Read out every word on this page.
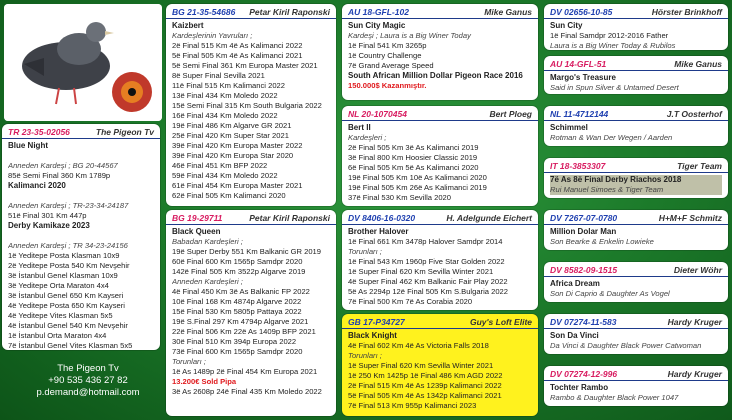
TR 23-35-02056	The Pigeon Tv
Blue Night

Anneden Kardeşi ; BG 20-44567
85ë Semi Final 360 Km 1789p
Kalimanci 2020

Anneden Kardeşi ; TR-23-34-24187
51ë Final 301 Km 447p
Derby Kamikaze 2023

Anneden Kardeşi ; TR 34-23-24156
1ë Yeditepe Posta Klasman 10x9
2ë Yeditepe Posta 540 Km Nevşehir
3ë İstanbul Genel Klasman 10x9
3ë Yeditepe Orta Maraton 4x4
3ë İstanbul Genel 650 Km Kayseri
4ë Yeditepe Posta 650 Km Kayseri
4ë Yeditepe Vites Klasman 5x5
4ë İstanbul Genel 540 Km Nevşehir
1ë İstanbul Orta Maraton 4x4
7ë İstanbul Genel Vites Klasman 5x5
The Pigeon Tv
+90 535 436 27 82
p.demand@hotmail.com
BG 21-35-54686 Petar Kiril Raponski
Kaizbert
Kardeşlerinin Yavruları ;
2ë Final 515 Km 4ë As Kalimanci 2022
5ë Final 505 Km 4ë As Kalimanci 2021
5ë Semi Final 361 Km Europa Master 2021
8ë Super Final Sevilla 2021
11ë Final 515 Km Kalimanci 2022
13ë Final 434 Km Moledo 2022
15ë Semi Final 315 Km South Bulgaria 2022
16ë Final 434 Km Moledo 2022
19ë Final 486 Km Algarve GR 2021
25ë Final 420 Km Super Star 2021
39ë Final 420 Km Europa Master 2022
39ë Final 420 Km Europa Star 2020
46ë Final 451 Km BFP 2022
59ë Final 434 Km Moledo 2022
61ë Final 454 Km Europa Master 2021
62ë Final 505 Km Kalimanci 2020
BG 19-29711	Petar Kiril Raponski
Black Queen
Babadan Kardeşleri ;
19ë Super Derby 551 Km Balkanic GR 2019
60ë Final 600 Km 1565p Samdpr 2020
142ë Final 505 Km 3522p Algarve 2019
Anneden Kardeşleri ;
4ë Final 450 Km 3ë As Balkanic FP 2022
10ë Final 168 Km 4874p Algarve 2022
15ë Final 530 Km 5805p Pattaya 2022
19ë S.Final 297 Km 4794p Algarve 2021
22ë Final 506 Km 22ë As 1409p BFP 2021
30ë Final 510 Km 394p Europa 2022
73ë Final 600 Km 1565p Samdpr 2020
Torunları ;
1ë As 1489p 2ë Final 454 Km Europa 2021
13.200€ Sold Pipa
3ë As 2608p 24ë Final 435 Km Moledo 2022
AU 18-GFL-102	Mike Ganus
Sun City Magic
Kardeşi ; Laura is a Big Winer Today
1ë Final 541 Km 3265p
1ë Country Challenge
7ë Grand Average Speed
South African Million Dollar Pigeon Race 2016
150.000$ Kazanmıştır.
NL 20-1070454	Bert Ploeg
Bert II
Kardeşleri ;
2ë Final 505 Km 3ë As Kalimanci 2019
3ë Final 800 Km Hoosier Classic 2019
6ë Final 505 Km 5ë As Kalimanci 2020
19ë Final 505 Km 10ë As Kalimanci 2020
19ë Final 505 Km 26ë As Kalimanci 2019
37ë Final 530 Km Sevilla 2020
DV 8406-16-0320	H. Adelgunde Eichert
Brother Halover
1ë Final 661 Km 3478p Halover Samdpr 2014
Torunları ;
1ë Final 543 Km 1960p Five Star Golden 2022
1ë Super Final 620 Km Sevilla Winter 2021
4ë Super Final 462 Km Balkanic Fair Play 2022
5ë As 2294p 12ë Final 505 Km S.Bulgaria 2022
7ë Final 500 Km 7ë As Corabia 2020
GB 17-P34727	Guy's Loft Elite
Black Knight
4ë Final 602 Km 4ë As Victoria Falls 2018
Torunları ;
1ë Super Final 620 Km Sevilla Winter 2021
1ë 250 Km 1425p 1ë Final 486 Km AGD 2022
2ë Final 515 Km 4ë As 1239p Kalimanci 2022
5ë Final 505 Km 4ë As 1342p Kalimanci 2021
7ë Final 513 Km 955p Kalimanci 2023
DV 02656-10-85	Hörster Brinkhoff
Sun City
1ë Final Samdpr 2012-2016 Father
Laura is a Big Winer Today & Rubilos
AU 14-GFL-51	Mike Ganus
Margo's Treasure
Said in Spun Silver & Untamed Desert
NL 11-4712144	J.T Oosterhof
Schimmel
Rotman & Wan Der Wegen / Aarden
IT 18-3853307	Tiger Team
7ë As 8ë Final Derby Riachos 2018
Rui Manuel Simoes & Tiger Team
DV 7267-07-0780	H+M+F Schmitz
Million Dolar Man
Son Bearke & Enkelin Lowieke
DV 8582-09-1515	Dieter Wöhr
Africa Dream
Son Di Caprio & Daughter As Vogel
DV 07274-11-583	Hardy Kruger
Son Da Vinci
Da Vinci & Daughter Black Power Catwoman
DV 07274-12-996	Hardy Kruger
Tochter Rambo
Rambo & Daughter Black Power 1047
